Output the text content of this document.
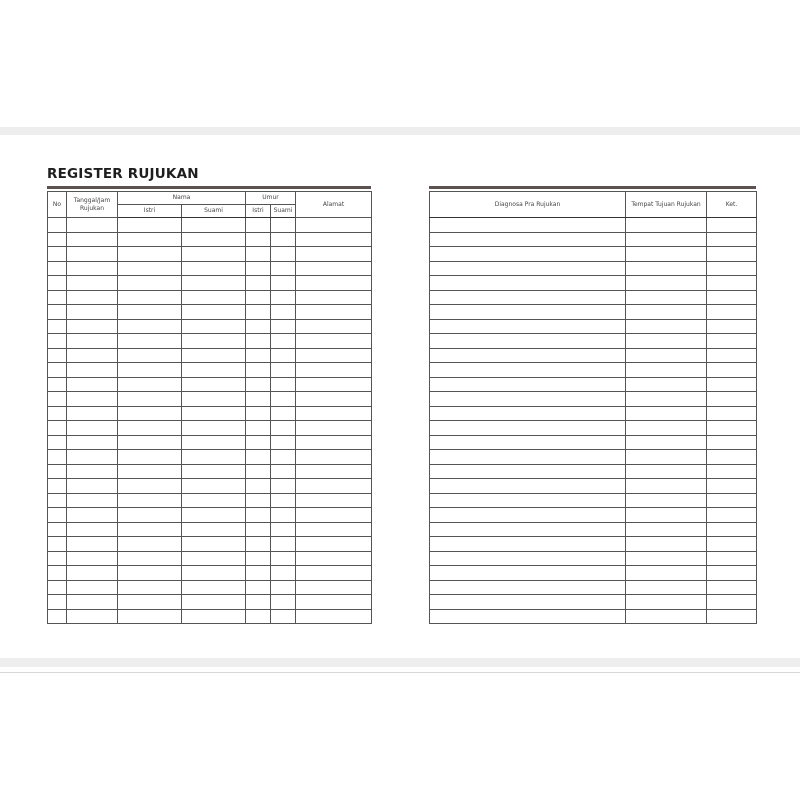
REGISTER RUJUKAN
No	Tanggal/Jam Rujukan	Nama		Umur		Alamat
		Istri	Suami	Istri	Suami	

Diagnosa Pra Rujukan	Tempat Tujuan Rujukan	Ket.
